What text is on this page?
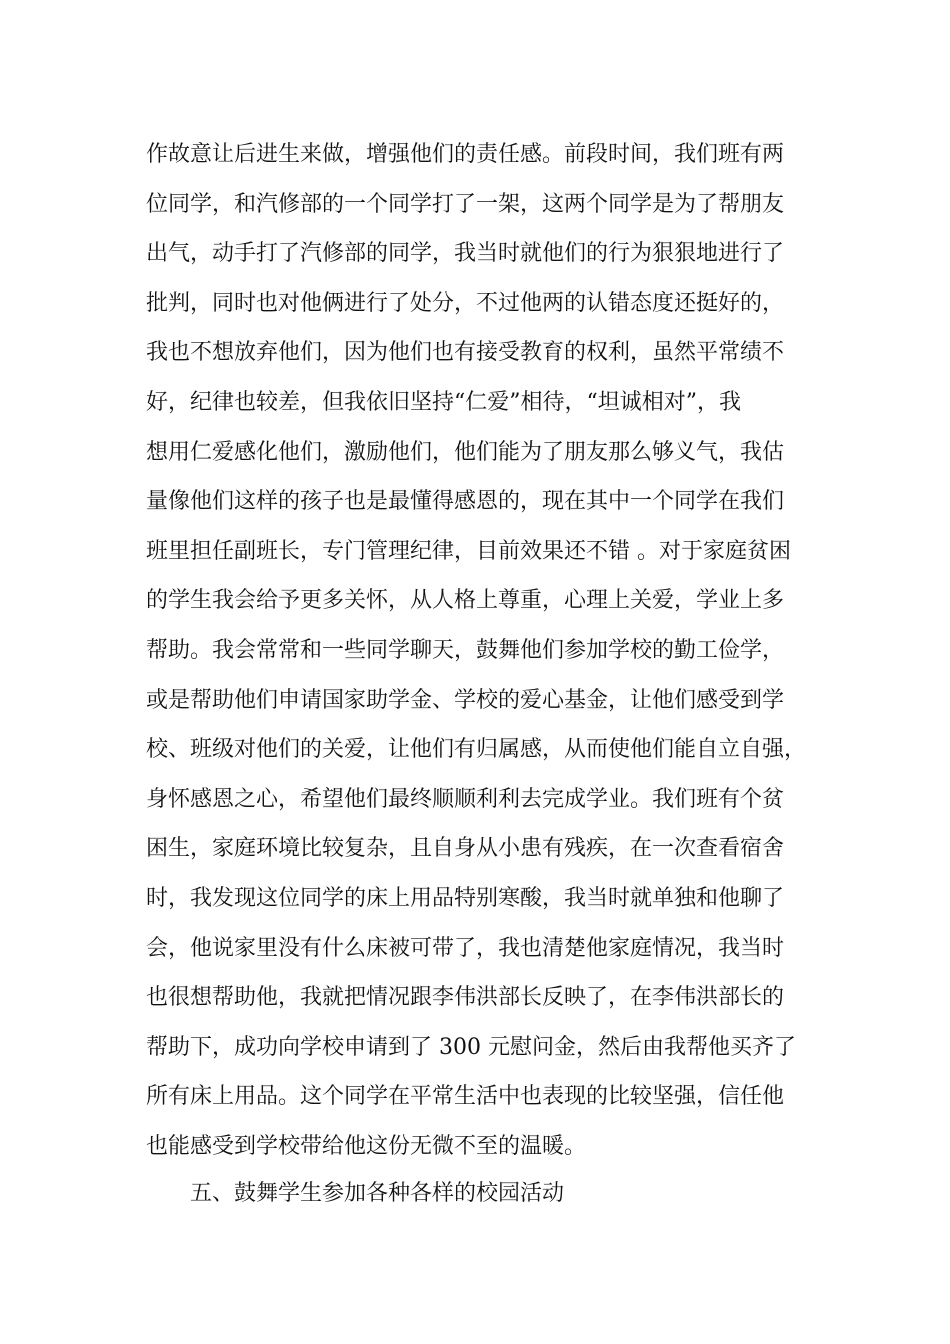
作故意让后进生来做，增强他们的责任感。前段时间，我们班有两
位同学，和汽修部的一个同学打了一架，这两个同学是为了帮朋友
出气，动手打了汽修部的同学，我当时就他们的行为狠狠地进行了
批判，同时也对他俩进行了处分，不过他两的认错态度还挺好的，
我也不想放弃他们，因为他们也有接受教育的权利，虽然平常绩不
好，纪律也较差，但我依旧坚持“仁爱”相待，“坦诚相对”，我
想用仁爱感化他们，激励他们，他们能为了朋友那么够义气，我估
量像他们这样的孩子也是最懂得感恩的，现在其中一个同学在我们
班里担任副班长，专门管理纪律，目前效果还不错 。对于家庭贫困
的学生我会给予更多关怀，从人格上尊重，心理上关爱，学业上多
帮助。我会常常和一些同学聊天，鼓舞他们参加学校的勤工俭学，
或是帮助他们申请国家助学金、学校的爱心基金，让他们感受到学
校、班级对他们的关爱，让他们有归属感，从而使他们能自立自强，
身怀感恩之心，希望他们最终顺顺利利去完成学业。我们班有个贫
困生，家庭环境比较复杂，且自身从小患有残疾，在一次查看宿舍
时，我发现这位同学的床上用品特别寒酸，我当时就单独和他聊了
会，他说家里没有什么床被可带了，我也清楚他家庭情况，我当时
也很想帮助他，我就把情况跟李伟洪部长反映了，在李伟洪部长的
帮助下，成功向学校申请到了 300 元慰问金，然后由我帮他买齐了
所有床上用品。这个同学在平常生活中也表现的比较坚强，信任他
也能感受到学校带给他这份无微不至的温暖。
五、鼓舞学生参加各种各样的校园活动
